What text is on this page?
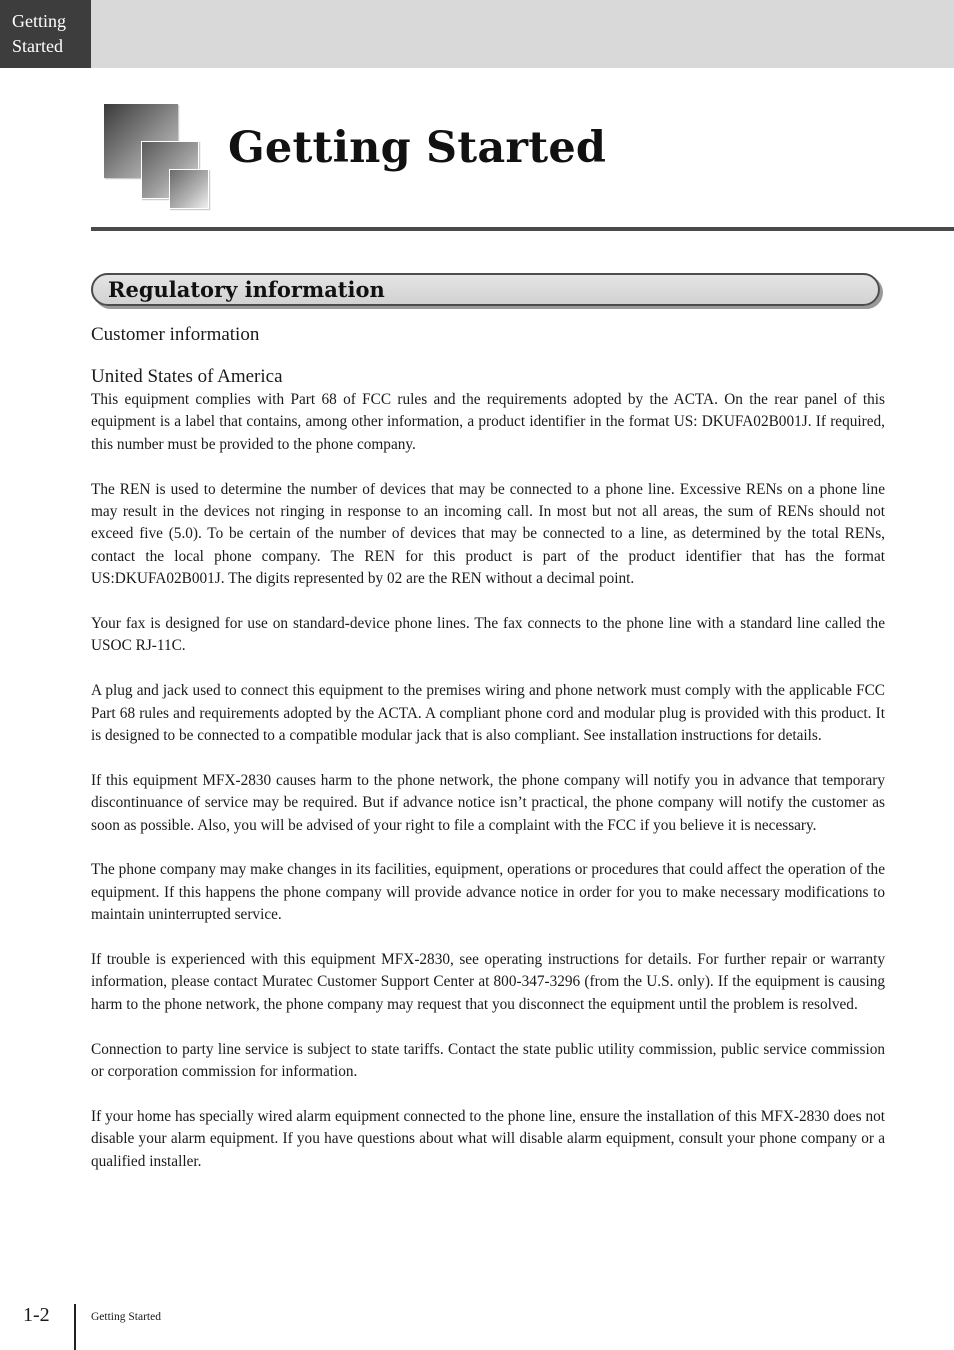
Getting
Started
Getting Started
Regulatory information
Customer information
United States of America

This equipment complies with Part 68 of FCC rules and the requirements adopted by the ACTA. On the rear panel of this equipment is a label that contains, among other information, a product identifier in the format US: DKUFA02B001J. If required, this number must be provided to the phone company.

The REN is used to determine the number of devices that may be connected to a phone line. Excessive RENs on a phone line may result in the devices not ringing in response to an incoming call. In most but not all areas, the sum of RENs should not exceed five (5.0). To be certain of the number of devices that may be connected to a line, as determined by the total RENs, contact the local phone company. The REN for this product is part of the product identifier that has the format US:DKUFA02B001J. The digits represented by 02 are the REN without a decimal point.

Your fax is designed for use on standard-device phone lines. The fax connects to the phone line with a standard line called the USOC RJ-11C.

A plug and jack used to connect this equipment to the premises wiring and phone network must comply with the applicable FCC Part 68 rules and requirements adopted by the ACTA. A compliant phone cord and modular plug is provided with this product. It is designed to be connected to a compatible modular jack that is also compliant. See installation instructions for details.

If this equipment MFX-2830 causes harm to the phone network, the phone company will notify you in advance that temporary discontinuance of service may be required. But if advance notice isn’t practical, the phone company will notify the customer as soon as possible. Also, you will be advised of your right to file a complaint with the FCC if you believe it is necessary.

The phone company may make changes in its facilities, equipment, operations or procedures that could affect the operation of the equipment. If this happens the phone company will provide advance notice in order for you to make necessary modifications to maintain uninterrupted service.

If trouble is experienced with this equipment MFX-2830, see operating instructions for details. For further repair or warranty information, please contact Muratec Customer Support Center at 800-347-3296 (from the U.S. only). If the equipment is causing harm to the phone network, the phone company may request that you disconnect the equipment until the problem is resolved.

Connection to party line service is subject to state tariffs. Contact the state public utility commission, public service commission or corporation commission for information.

If your home has specially wired alarm equipment connected to the phone line, ensure the installation of this MFX-2830 does not disable your alarm equipment. If you have questions about what will disable alarm equipment, consult your phone company or a qualified installer.

1-2	Getting Started
